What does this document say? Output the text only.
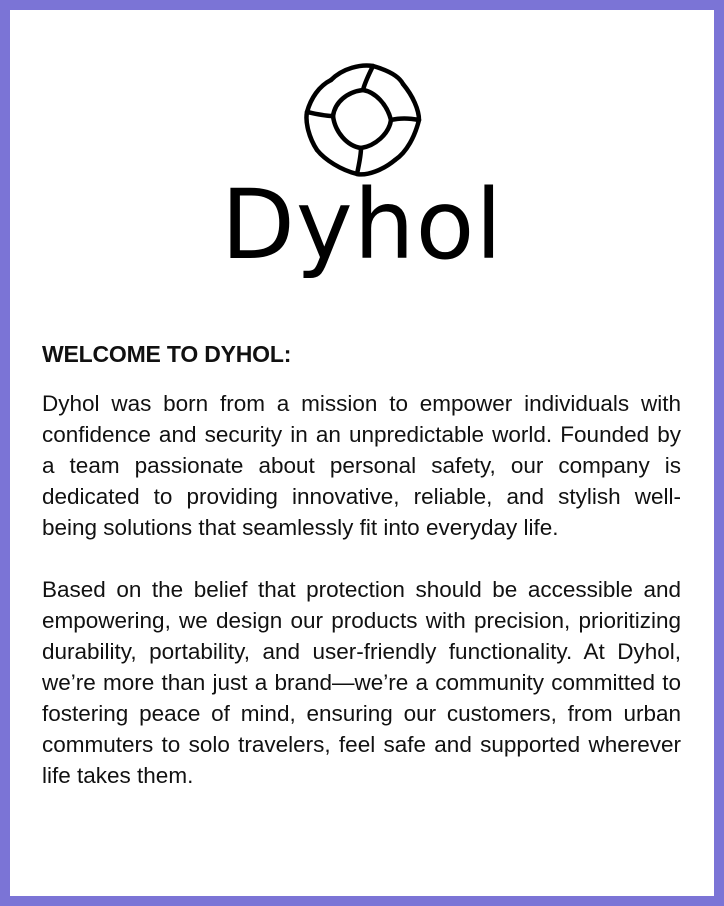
Dyhol
WELCOME TO DYHOL:

Dyhol was born from a mission to empower individuals with confidence and security in an unpredictable world. Founded by a team passionate about personal safety, our company is dedicated to providing innovative, reliable, and stylish well-being solutions that seamlessly fit into everyday life.

Based on the belief that protection should be accessible and empowering, we design our products with precision, prioritizing durability, portability, and user-friendly functionality. At Dyhol, we’re more than just a brand—we’re a community committed to fostering peace of mind, ensuring our customers, from urban commuters to solo travelers, feel safe and supported wherever life takes them.
